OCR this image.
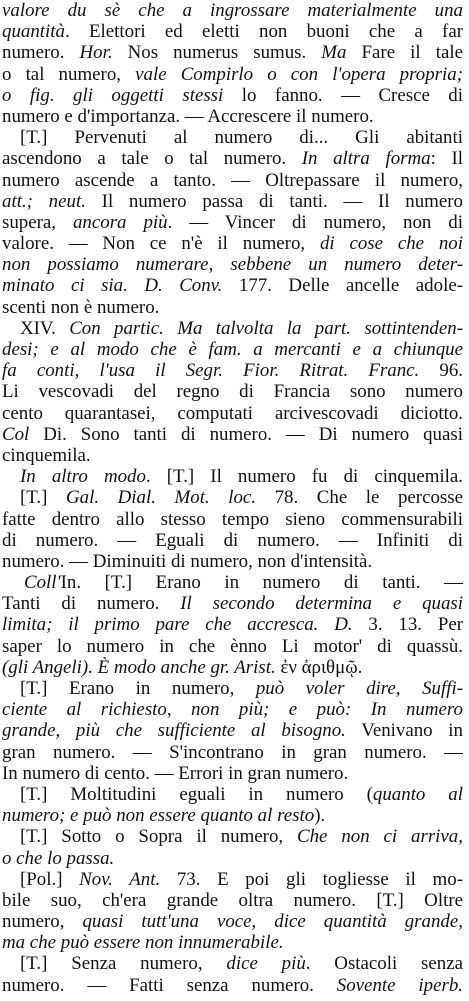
valore du sè che a ingrossare materialmente una
quantità. Elettori ed eletti non buoni che a far
numero. Hor. Nos numerus sumus. Ma Fare il tale
o tal numero, vale Compirlo o con l'opera propria;
o fig. gli oggetti stessi lo fanno. — Cresce di
numero e d'importanza. — Accrescere il numero.
[T.] Pervenuti al numero di... Gli abitanti
ascendono a tale o tal numero. In altra forma: Il
numero ascende a tanto. — Oltrepassare il numero,
att.; neut. Il numero passa di tanti. — Il numero
supera, ancora più. — Vincer di numero, non di
valore. — Non ce n'è il numero, di cose che noi
non possiamo numerare, sebbene un numero deter-
minato ci sia. D. Conv. 177. Delle ancelle adole-
scenti non è numero.
XIV. Con partic. Ma talvolta la part. sottintenden-
desi; e al modo che è fam. a mercanti e a chiunque
fa conti, l'usa il Segr. Fior. Ritrat. Franc. 96.
Li vescovadi del regno di Francia sono numero
cento quarantasei, computati arcivescovadi diciotto.
Col Di. Sono tanti di numero. — Di numero quasi
cinquemila.
In altro modo. [T.] Il numero fu di cinquemila.
[T.] Gal. Dial. Mot. loc. 78. Che le percosse
fatte dentro allo stesso tempo sieno commensurabili
di numero. — Eguali di numero. — Infiniti di
numero. — Diminuiti di numero, non d'intensità.
Coll'In. [T.] Erano in numero di tanti. —
Tanti di numero. Il secondo determina e quasi
limita; il primo pare che accresca. D. 3. 13. Per
saper lo numero in che ènno Li motor' di quassù.
(gli Angeli). È modo anche gr. Arist. ἐν ἀριθμῷ.
[T.] Erano in numero, può voler dire, Suffi-
ciente al richiesto, non più; e può: In numero
grande, più che sufficiente al bisogno. Venivano in
gran numero. — S'incontrano in gran numero. —
In numero di cento. — Errori in gran numero.
[T.] Moltitudini eguali in numero (quanto al
numero; e può non essere quanto al resto).
[T.] Sotto o Sopra il numero, Che non ci arriva,
o che lo passa.
[Pol.] Nov. Ant. 73. E poi gli togliesse il mo-
bile suo, ch'era grande oltra numero. [T.] Oltre
numero, quasi tutt'una voce, dice quantità grande,
ma che può essere non innumerabile.
[T.] Senza numero, dice più. Ostacoli senza
numero. — Fatti senza numero. Sovente iperb.
